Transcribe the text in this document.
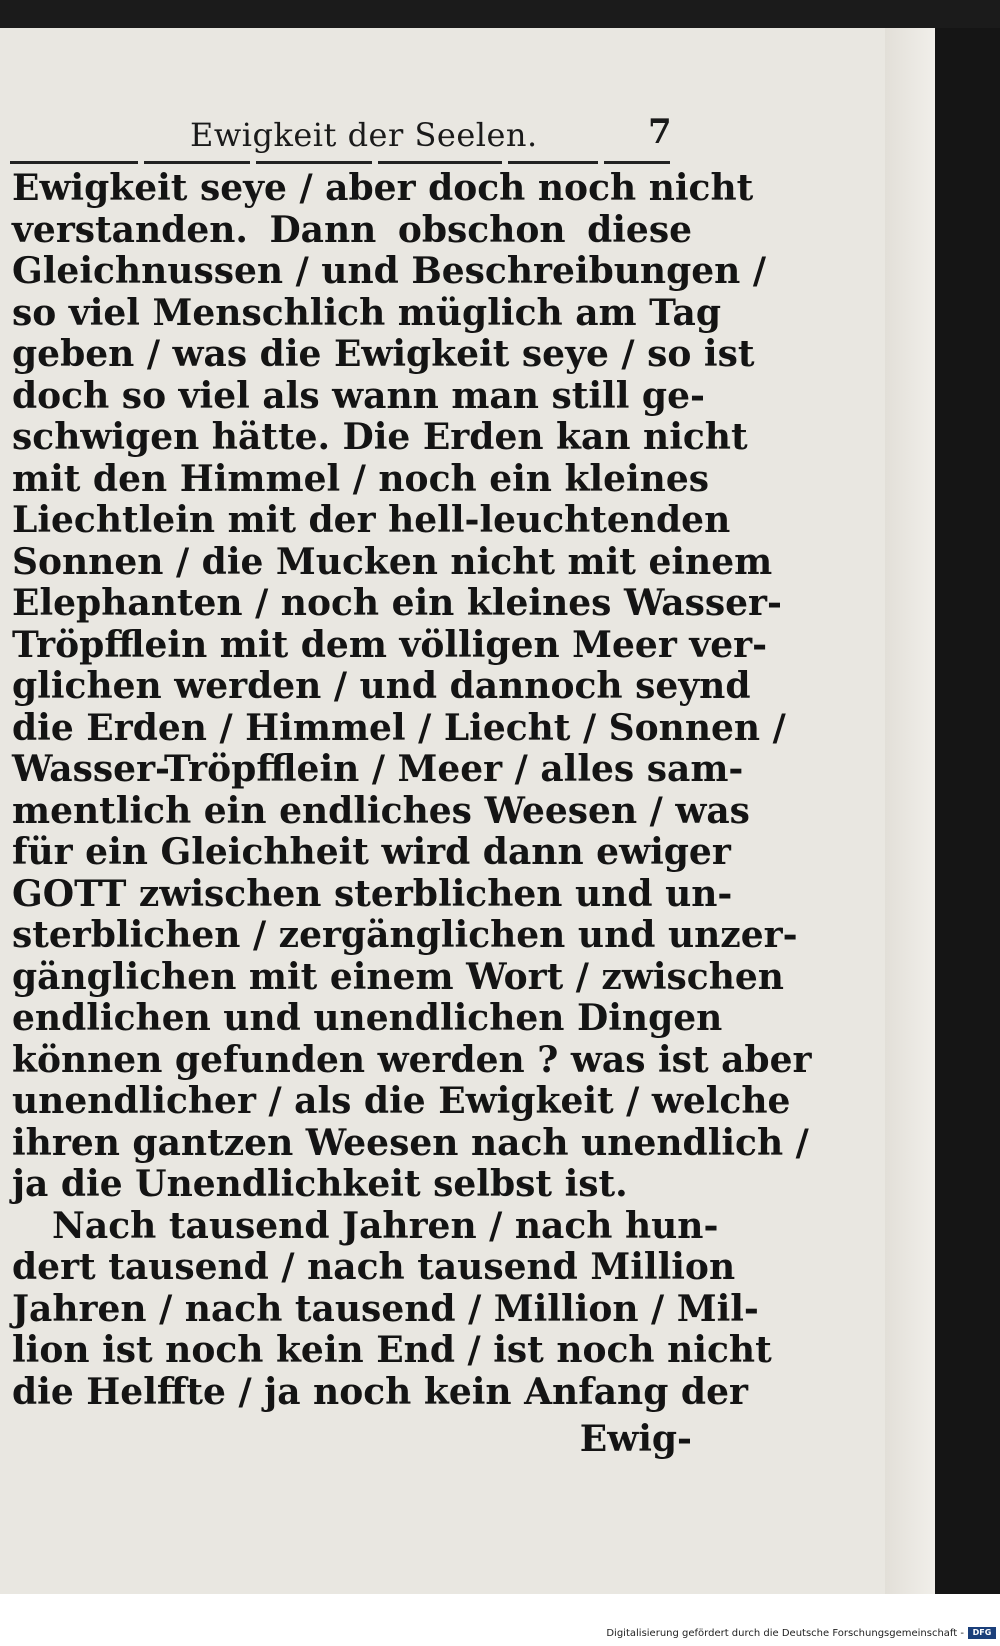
Ewigkeit der Seelen.	7
Ewigkeit seye / aber doch noch nicht
verstanden. Dann obschon diese
Gleichnussen / und Beschreibungen /
so viel Menschlich müglich am Tag
geben / was die Ewigkeit seye / so ist
doch so viel als wann man still ge-
schwigen hätte. Die Erden kan nicht
mit den Himmel / noch ein kleines
Liechtlein mit der hell-leuchtenden
Sonnen / die Mucken nicht mit einem
Elephanten / noch ein kleines Wasser-
Tröpfflein mit dem völligen Meer ver-
glichen werden / und dannoch seynd
die Erden / Himmel / Liecht / Sonnen /
Wasser-Tröpfflein / Meer / alles sam-
mentlich ein endliches Weesen / was
für ein Gleichheit wird dann ewiger
GOTT zwischen sterblichen und un-
sterblichen / zergänglichen und unzer-
gänglichen mit einem Wort / zwischen
endlichen und unendlichen Dingen
können gefunden werden ? was ist aber
unendlicher / als die Ewigkeit / welche
ihren gantzen Weesen nach unendlich /
ja die Unendlichkeit selbst ist.
Nach tausend Jahren / nach hun-
dert tausend / nach tausend Million
Jahren / nach tausend / Million / Mil-
lion ist noch kein End / ist noch nicht
die Helffte / ja noch kein Anfang der
Ewig-
Digitalisierung gefördert durch die Deutsche Forschungsgemeinschaft -	DFG
